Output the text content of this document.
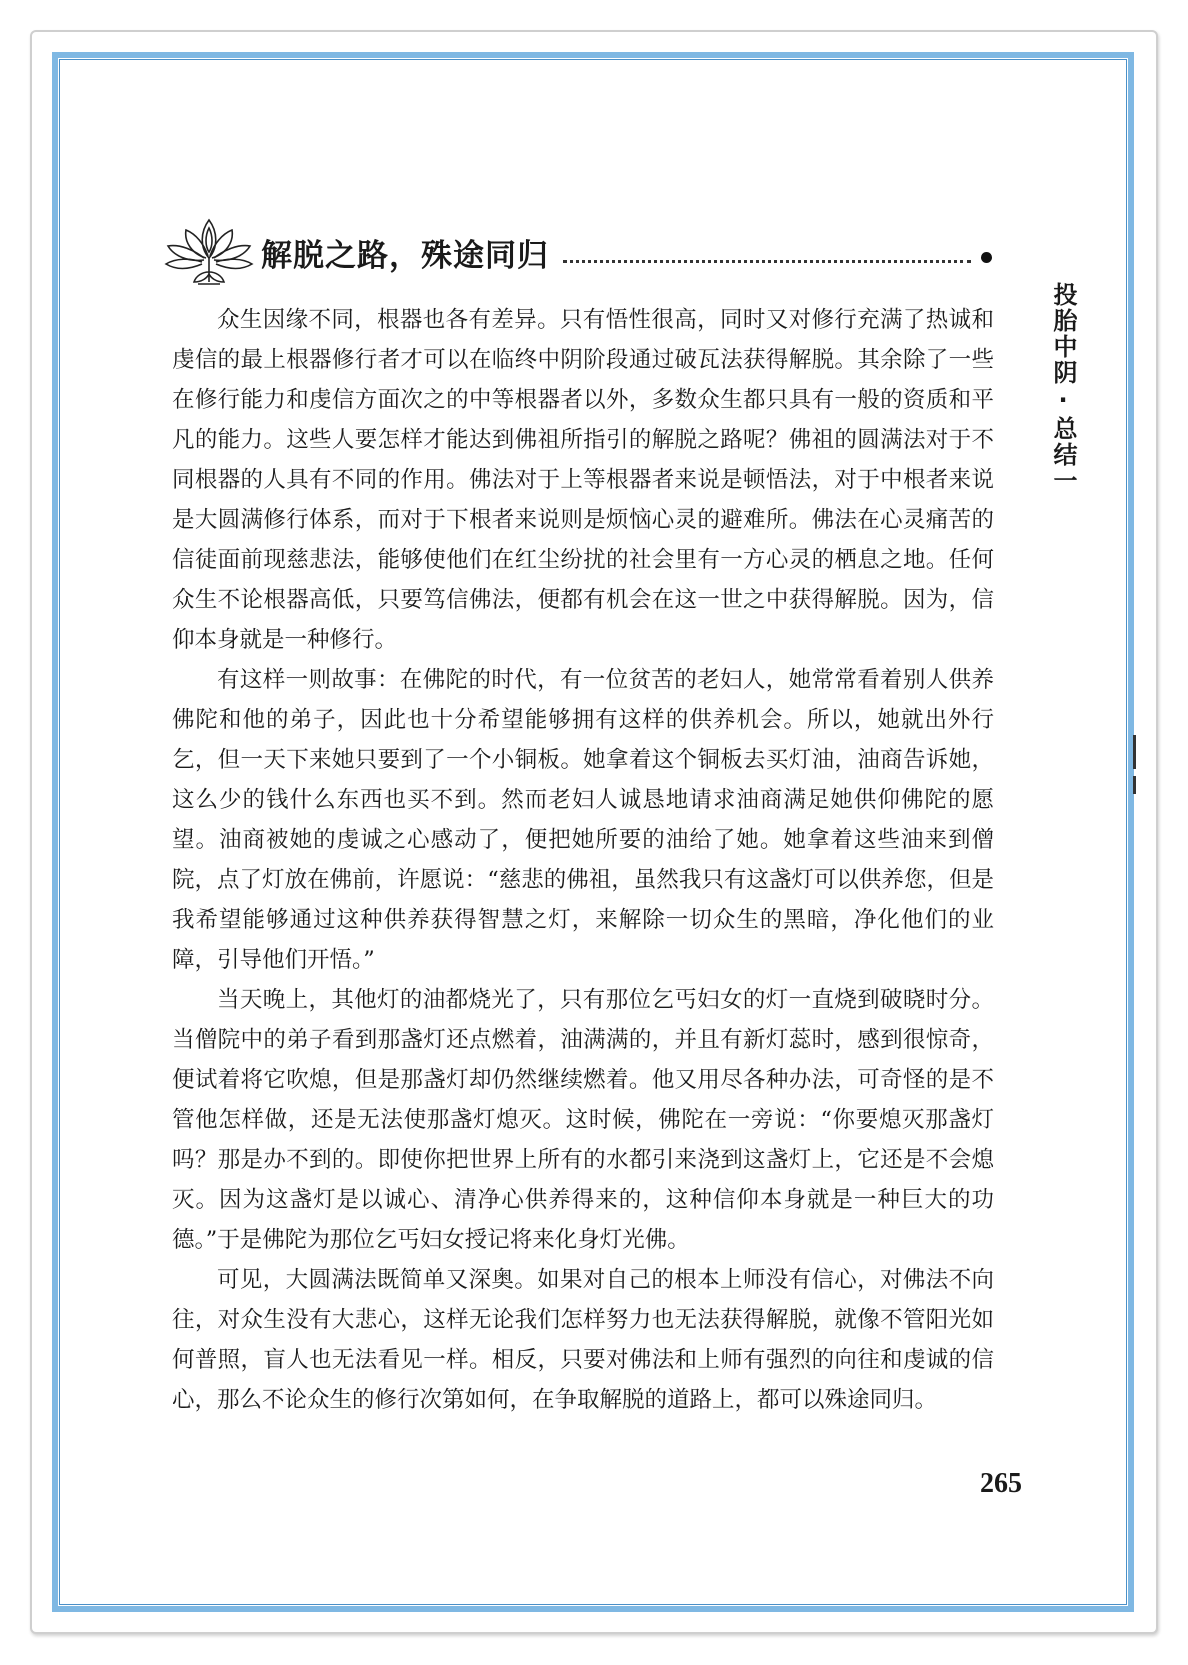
解脱之路，殊途同归
投胎中阴·总结一

众生因缘不同，根器也各有差异。只有悟性很高，同时又对修行充满了热诚和虔信的最上根器修行者才可以在临终中阴阶段通过破瓦法获得解脱。其余除了一些在修行能力和虔信方面次之的中等根器者以外，多数众生都只具有一般的资质和平凡的能力。这些人要怎样才能达到佛祖所指引的解脱之路呢？佛祖的圆满法对于不同根器的人具有不同的作用。佛法对于上等根器者来说是顿悟法，对于中根者来说是大圆满修行体系，而对于下根者来说则是烦恼心灵的避难所。佛法在心灵痛苦的信徒面前现慈悲法，能够使他们在红尘纷扰的社会里有一方心灵的栖息之地。任何众生不论根器高低，只要笃信佛法，便都有机会在这一世之中获得解脱。因为，信仰本身就是一种修行。

有这样一则故事：在佛陀的时代，有一位贫苦的老妇人，她常常看着别人供养佛陀和他的弟子，因此也十分希望能够拥有这样的供养机会。所以，她就出外行乞，但一天下来她只要到了一个小铜板。她拿着这个铜板去买灯油，油商告诉她，这么少的钱什么东西也买不到。然而老妇人诚恳地请求油商满足她供仰佛陀的愿望。油商被她的虔诚之心感动了，便把她所要的油给了她。她拿着这些油来到僧院，点了灯放在佛前，许愿说：“慈悲的佛祖，虽然我只有这盏灯可以供养您，但是我希望能够通过这种供养获得智慧之灯，来解除一切众生的黑暗，净化他们的业障，引导他们开悟。”

当天晚上，其他灯的油都烧光了，只有那位乞丐妇女的灯一直烧到破晓时分。当僧院中的弟子看到那盏灯还点燃着，油满满的，并且有新灯蕊时，感到很惊奇，便试着将它吹熄，但是那盏灯却仍然继续燃着。他又用尽各种办法，可奇怪的是不管他怎样做，还是无法使那盏灯熄灭。这时候，佛陀在一旁说：“你要熄灭那盏灯吗？那是办不到的。即使你把世界上所有的水都引来浇到这盏灯上，它还是不会熄灭。因为这盏灯是以诚心、清净心供养得来的，这种信仰本身就是一种巨大的功德。”于是佛陀为那位乞丐妇女授记将来化身灯光佛。

可见，大圆满法既简单又深奥。如果对自己的根本上师没有信心，对佛法不向往，对众生没有大悲心，这样无论我们怎样努力也无法获得解脱，就像不管阳光如何普照，盲人也无法看见一样。相反，只要对佛法和上师有强烈的向往和虔诚的信心，那么不论众生的修行次第如何，在争取解脱的道路上，都可以殊途同归。

265
